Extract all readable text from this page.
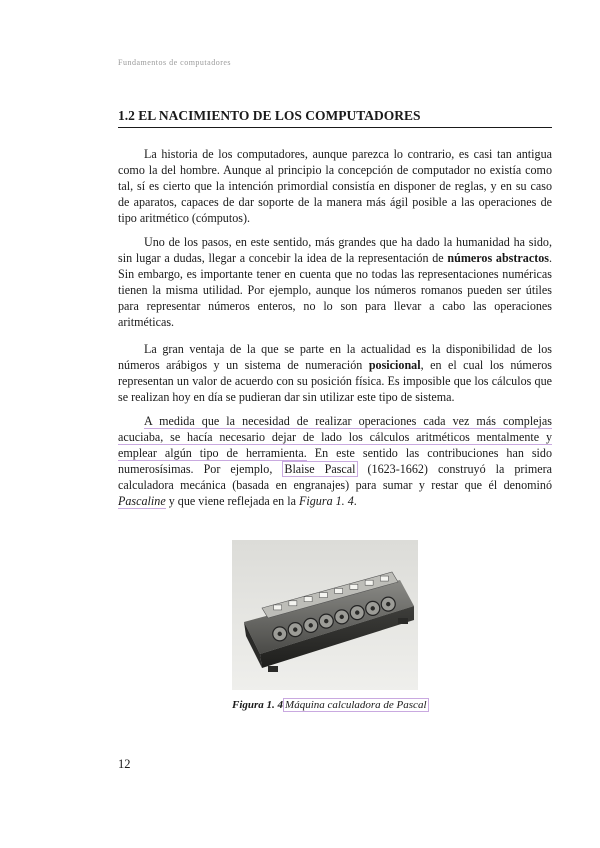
Fundamentos de computadores
1.2 EL NACIMIENTO DE LOS COMPUTADORES

La historia de los computadores, aunque parezca lo contrario, es casi tan antigua como la del hombre. Aunque al principio la concepción de computador no existía como tal, sí es cierto que la intención primordial consistía en disponer de reglas, y en su caso de aparatos, capaces de dar soporte de la manera más ágil posible a las operaciones de tipo aritmético (cómputos).

Uno de los pasos, en este sentido, más grandes que ha dado la humanidad ha sido, sin lugar a dudas, llegar a concebir la idea de la representación de números abstractos. Sin embargo, es importante tener en cuenta que no todas las representaciones numéricas tienen la misma utilidad. Por ejemplo, aunque los números romanos pueden ser útiles para representar números enteros, no lo son para llevar a cabo las operaciones aritméticas.

La gran ventaja de la que se parte en la actualidad es la disponibilidad de los números arábigos y un sistema de numeración posicional, en el cual los números representan un valor de acuerdo con su posición física. Es imposible que los cálculos que se realizan hoy en día se pudieran dar sin utilizar este tipo de sistema.

A medida que la necesidad de realizar operaciones cada vez más complejas acuciaba, se hacía necesario dejar de lado los cálculos aritméticos mentalmente y emplear algún tipo de herramienta. En este sentido las contribuciones han sido numerosísimas. Por ejemplo, Blaise Pascal (1623-1662) construyó la primera calculadora mecánica (basada en engranajes) para sumar y restar que él denominó Pascaline y que viene reflejada en la Figura 1. 4.

Figura 1. 4 Máquina calculadora de Pascal
12
